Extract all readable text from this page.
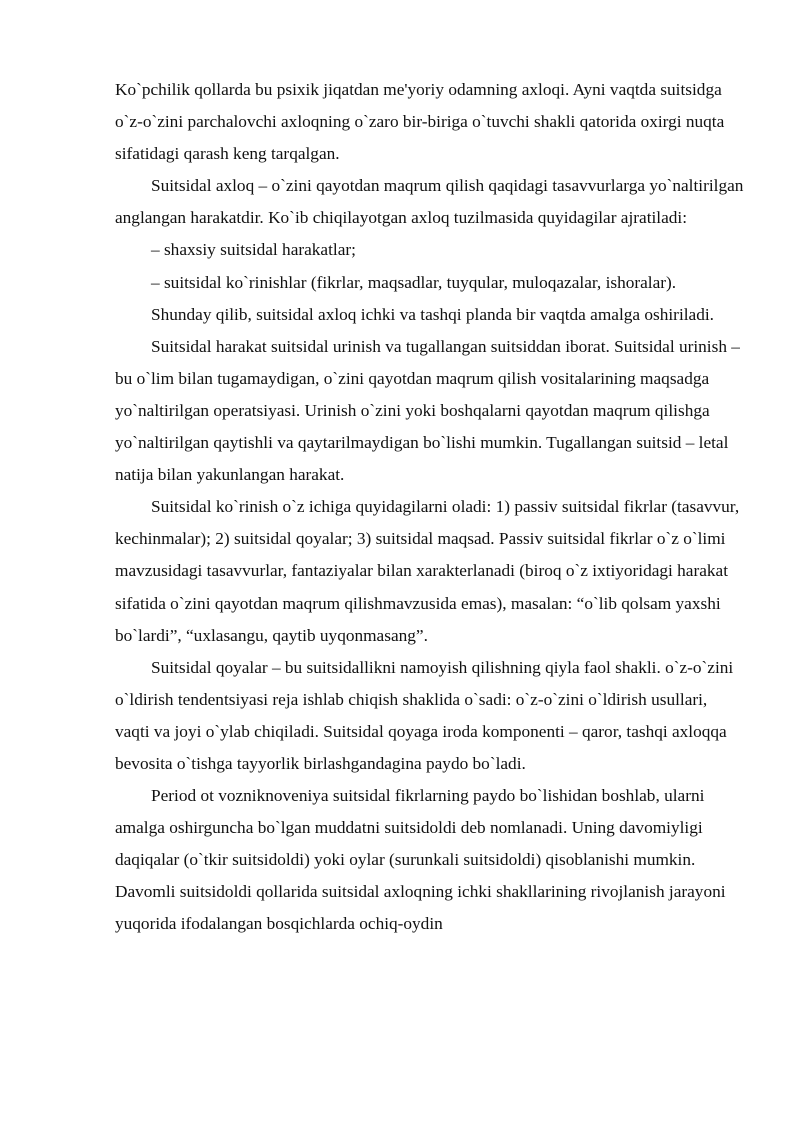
Ko`pchilik qollarda bu psixik jiqatdan me'yoriy odamning axloqi. Ayni vaqtda suitsidga o`z-o`zini parchalovchi axloqning o`zaro bir-biriga o`tuvchi shakli qatorida oxirgi nuqta sifatidagi qarash keng tarqalgan.

Suitsidal axloq – o`zini qayotdan maqrum qilish qaqidagi tasavvurlarga yo`naltirilgan anglangan harakatdir. Ko`ib chiqilayotgan axloq tuzilmasida quyidagilar ajratiladi:

– shaxsiy suitsidal harakatlar;

– suitsidal ko`rinishlar (fikrlar, maqsadlar, tuyqular, muloqazalar, ishoralar).

Shunday qilib, suitsidal axloq ichki va tashqi planda bir vaqtda amalga oshiriladi.

Suitsidal harakat suitsidal urinish va tugallangan suitsiddan iborat. Suitsidal urinish – bu o`lim bilan tugamaydigan, o`zini qayotdan maqrum qilish vositalarining maqsadga yo`naltirilgan operatsiyasi. Urinish o`zini yoki boshqalarni qayotdan maqrum qilishga yo`naltirilgan qaytishli va qaytarilmaydigan bo`lishi mumkin. Tugallangan suitsid – letal natija bilan yakunlangan harakat.

Suitsidal ko`rinish o`z ichiga quyidagilarni oladi: 1) passiv suitsidal fikrlar (tasavvur, kechinmalar); 2) suitsidal qoyalar; 3) suitsidal maqsad. Passiv suitsidal fikrlar o`z o`limi mavzusidagi tasavvurlar, fantaziyalar bilan xarakterlanadi (biroq o`z ixtiyoridagi harakat sifatida o`zini qayotdan maqrum qilishmavzusida emas), masalan: “o`lib qolsam yaxshi bo`lardi”, “uxlasangu, qaytib uyqonmasang”.

Suitsidal qoyalar – bu suitsidallikni namoyish qilishning qiyla faol shakli. o`z-o`zini o`ldirish tendentsiyasi reja ishlab chiqish shaklida o`sadi: o`z-o`zini o`ldirish usullari, vaqti va joyi o`ylab chiqiladi. Suitsidal qoyaga iroda komponenti – qaror, tashqi axloqqa bevosita o`tishga tayyorlik birlashgandagina paydo bo`ladi.

Period ot vozniknoveniya suitsidal fikrlarning paydo bo`lishidan boshlab, ularni amalga oshirguncha bo`lgan muddatni suitsidoldi deb nomlanadi. Uning davomiyligi daqiqalar (o`tkir suitsidoldi) yoki oylar (surunkali suitsidoldi) qisoblanishi mumkin. Davomli suitsidoldi qollarida suitsidal axloqning ichki shakllarining rivojlanish jarayoni yuqorida ifodalangan bosqichlarda ochiq-oydin
